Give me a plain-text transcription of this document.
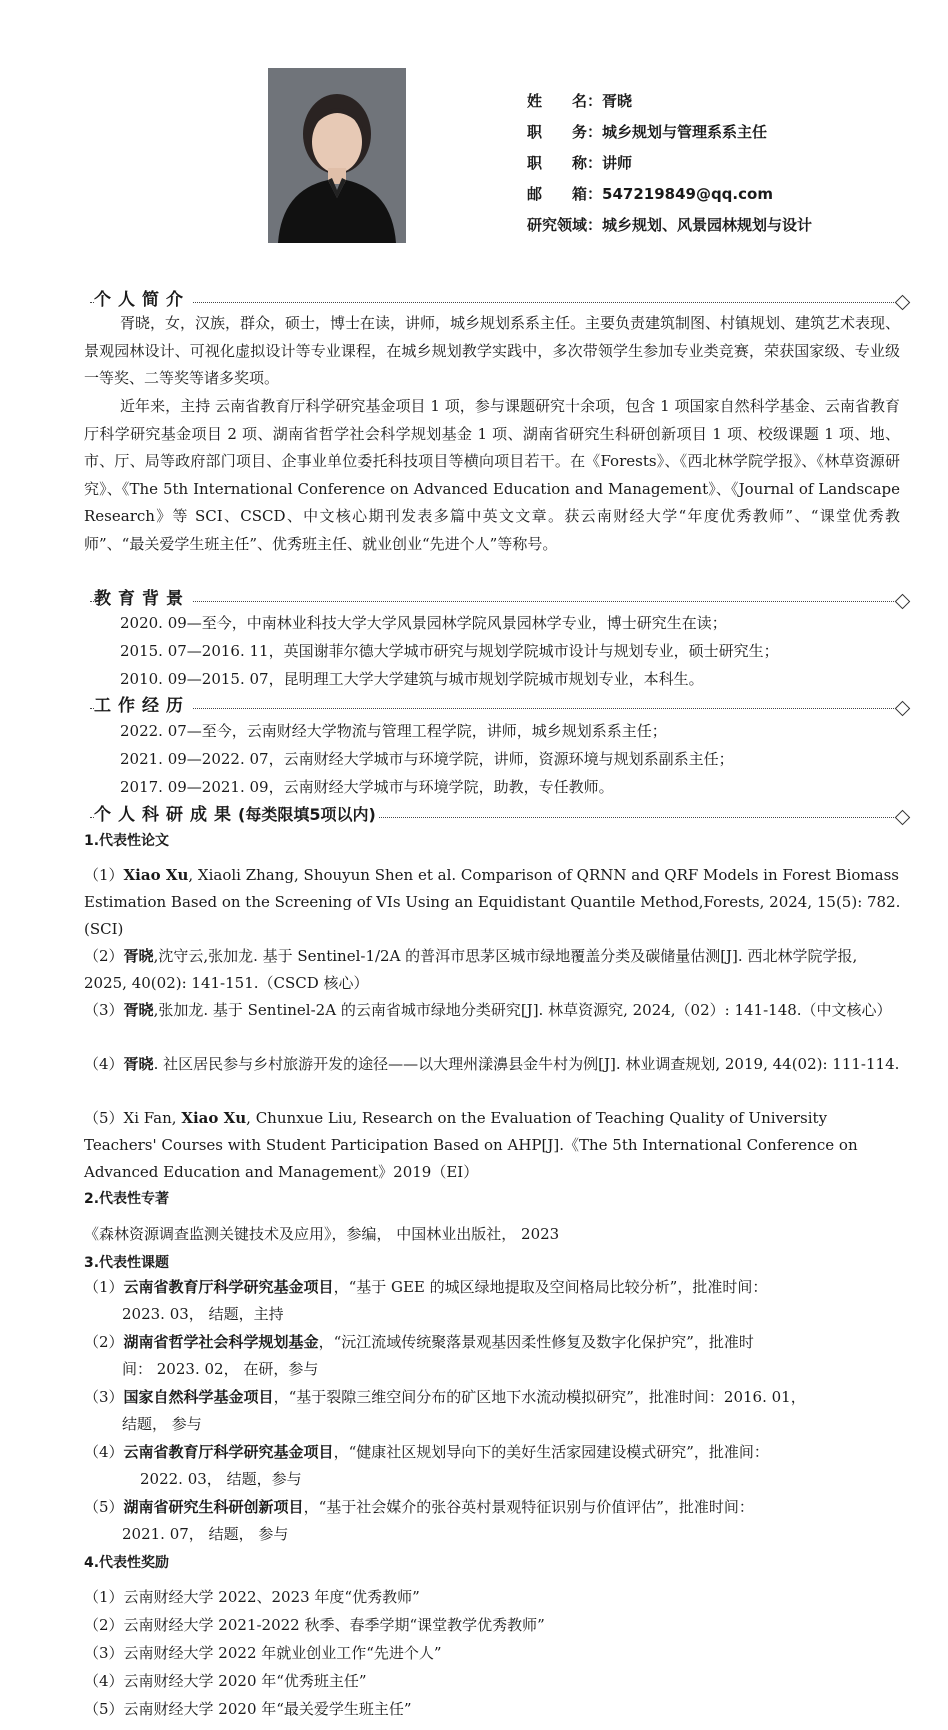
姓　　名： 胥晓
职　　务： 城乡规划与管理系系主任
职　　称： 讲师
邮　　箱： 547219849@qq.com
研究领域： 城乡规划、风景园林规划与设计
个人简介
胥晓，女，汉族，群众，硕士，博士在读，讲师，城乡规划系系主任。主要负责建筑制图、村镇规划、建筑艺术表现、景观园林设计、可视化虚拟设计等专业课程，在城乡规划教学实践中，多次带领学生参加专业类竞赛，荣获国家级、专业级一等奖、二等奖等诸多奖项。
近年来，主持 云南省教育厅科学研究基金项目 1 项，参与课题研究十余项，包含 1 项国家自然科学基金、云南省教育厅科学研究基金项目 2 项、湖南省哲学社会科学规划基金 1 项、湖南省研究生科研创新项目 1 项、校级课题 1 项、地、市、厅、局等政府部门项目、企事业单位委托科技项目等横向项目若干。在《Forests》、《西北林学院学报》、《林草资源研究》、《The 5th International Conference on Advanced Education and Management》、《Journal of Landscape Research》等 SCI、CSCD、中文核心期刊发表多篇中英文文章。获云南财经大学“年度优秀教师”、“课堂优秀教师”、“最关爱学生班主任”、优秀班主任、就业创业“先进个人”等称号。
教育背景
2020. 09—至今，中南林业科技大学大学风景园林学院风景园林学专业，博士研究生在读；
2015. 07—2016. 11，英国谢菲尔德大学城市研究与规划学院城市设计与规划专业，硕士研究生；
2010. 09—2015. 07，昆明理工大学大学建筑与城市规划学院城市规划专业，本科生。
工作经历
2022. 07—至今，云南财经大学物流与管理工程学院，讲师，城乡规划系系主任；
2021. 09—2022. 07，云南财经大学城市与环境学院，讲师，资源环境与规划系副系主任；
2017. 09—2021. 09，云南财经大学城市与环境学院，助教，专任教师。
个人科研成果(每类限填5项以内)
1.代表性论文
（1）Xiao Xu, Xiaoli Zhang, Shouyun Shen et al. Comparison of QRNN and QRF Models in Forest Biomass Estimation Based on the Screening of VIs Using an Equidistant Quantile Method,Forests, 2024, 15(5): 782.(SCI)
（2）胥晓,沈守云,张加龙. 基于 Sentinel-1/2A 的普洱市思茅区城市绿地覆盖分类及碳储量估测[J]. 西北林学院学报, 2025, 40(02): 141-151.（CSCD 核心）
（3）胥晓,张加龙. 基于 Sentinel-2A 的云南省城市绿地分类研究[J]. 林草资源究, 2024,（02）: 141-148.（中文核心）
（4）胥晓. 社区居民参与乡村旅游开发的途径——以大理州漾濞县金牛村为例[J]. 林业调查规划, 2019, 44(02): 111-114.
（5）Xi Fan, Xiao Xu, Chunxue Liu, Research on the Evaluation of Teaching Quality of University Teachers' Courses with Student Participation Based on AHP[J].《The 5th International Conference on Advanced Education and Management》2019（EI）
2.代表性专著
《森林资源调查监测关键技术及应用》，参编， 中国林业出版社， 2023
3.代表性课题
（1）云南省教育厅科学研究基金项目，“基于 GEE 的城区绿地提取及空间格局比较分析”，批准时间：
2023. 03， 结题，主持
（2）湖南省哲学社会科学规划基金，“沅江流域传统聚落景观基因柔性修复及数字化保护究”，批准时
间： 2023. 02， 在研，参与
（3）国家自然科学基金项目，“基于裂隙三维空间分布的矿区地下水流动模拟研究”，批准时间：2016. 01，
结题， 参与
（4）云南省教育厅科学研究基金项目，“健康社区规划导向下的美好生活家园建设模式研究”，批准间：
2022. 03， 结题，参与
（5）湖南省研究生科研创新项目，“基于社会媒介的张谷英村景观特征识别与价值评估”，批准时间：
2021. 07， 结题， 参与
4.代表性奖励
（1）云南财经大学 2022、2023 年度“优秀教师”
（2）云南财经大学 2021-2022 秋季、春季学期“课堂教学优秀教师”
（3）云南财经大学 2022 年就业创业工作“先进个人”
（4）云南财经大学 2020 年“优秀班主任”
（5）云南财经大学 2020 年“最关爱学生班主任”
